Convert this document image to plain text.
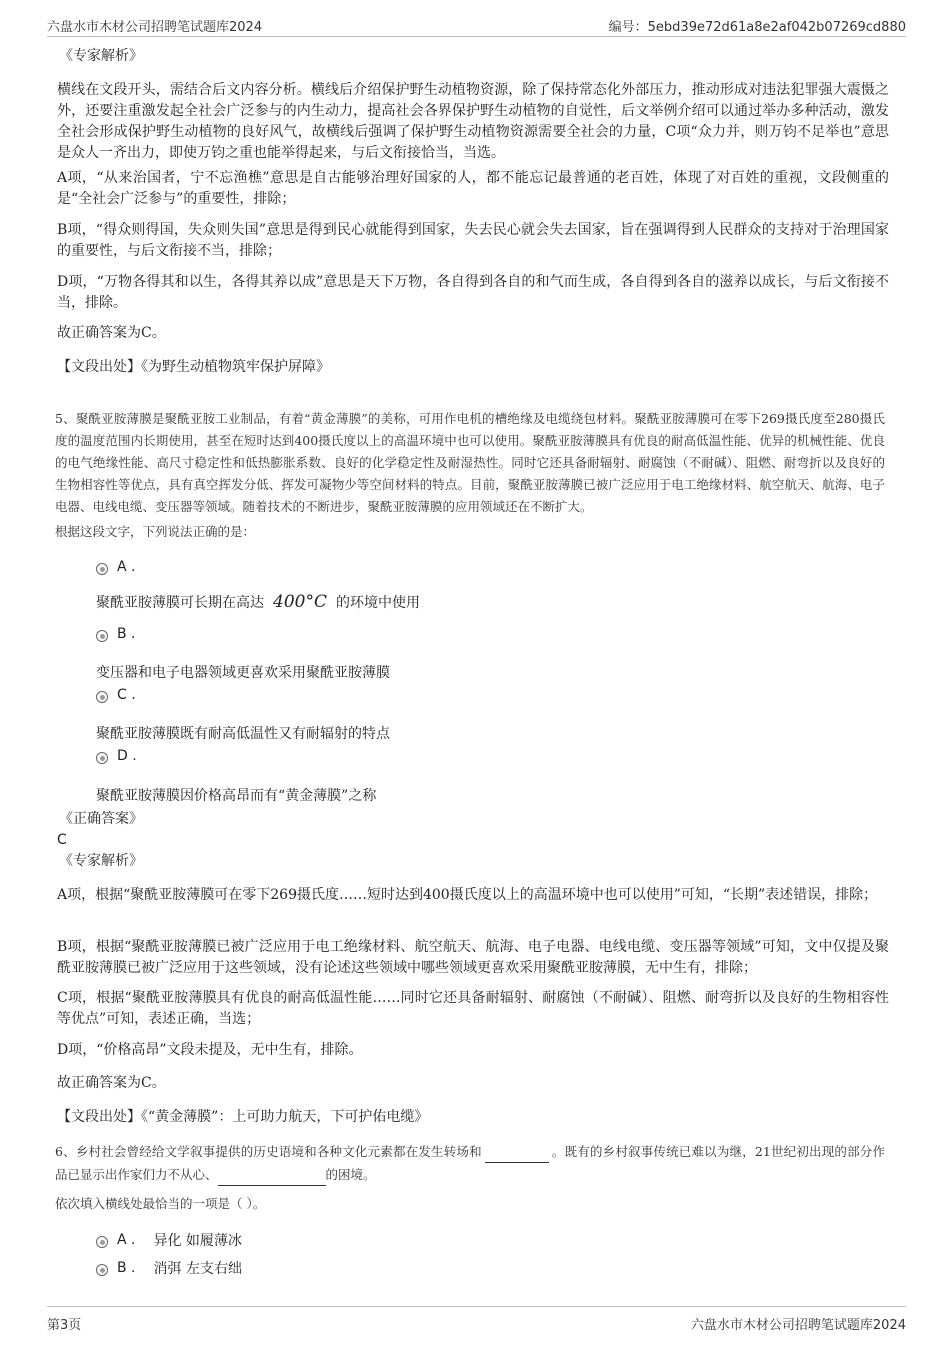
六盘水市木材公司招聘笔试题库2024	编号：5ebd39e72d61a8e2af042b07269cd880

《专家解析》

横线在文段开头，需结合后文内容分析。横线后介绍保护野生动植物资源，除了保持常态化外部压力，推动形成对违法犯罪强大震慑之外，还要注重激发起全社会广泛参与的内生动力，提高社会各界保护野生动植物的自觉性，后文举例介绍可以通过举办多种活动，激发全社会形成保护野生动植物的良好风气，故横线后强调了保护野生动植物资源需要全社会的力量，C项“众力并，则万钧不足举也”意思是众人一齐出力，即使万钧之重也能举得起来，与后文衔接恰当，当选。

A项，“从来治国者，宁不忘渔樵”意思是自古能够治理好国家的人，都不能忘记最普通的老百姓，体现了对百姓的重视，文段侧重的是“全社会广泛参与”的重要性，排除；

B项，“得众则得国，失众则失国”意思是得到民心就能得到国家，失去民心就会失去国家，旨在强调得到人民群众的支持对于治理国家的重要性，与后文衔接不当，排除；

D项，“万物各得其和以生，各得其养以成”意思是天下万物，各自得到各自的和气而生成，各自得到各自的滋养以成长，与后文衔接不当，排除。

故正确答案为C。

【文段出处】《为野生动植物筑牢保护屏障》

5、聚酰亚胺薄膜是聚酰亚胺工业制品，有着“黄金薄膜”的美称，可用作电机的槽绝缘及电缆绕包材料。聚酰亚胺薄膜可在零下269摄氏度至280摄氏度的温度范围内长期使用，甚至在短时达到400摄氏度以上的高温环境中也可以使用。聚酰亚胺薄膜具有优良的耐高低温性能、优异的机械性能、优良的电气绝缘性能、高尺寸稳定性和低热膨胀系数、良好的化学稳定性及耐湿热性。同时它还具备耐辐射、耐腐蚀（不耐碱）、阻燃、耐弯折以及良好的生物相容性等优点，具有真空挥发分低、挥发可凝物少等空间材料的特点。目前，聚酰亚胺薄膜已被广泛应用于电工绝缘材料、航空航天、航海、电子电器、电线电缆、变压器等领域。随着技术的不断进步，聚酰亚胺薄膜的应用领域还在不断扩大。

根据这段文字，下列说法正确的是：

A .
聚酰亚胺薄膜可长期在高达 400°C 的环境中使用
B .
变压器和电子电器领域更喜欢采用聚酰亚胺薄膜
C .
聚酰亚胺薄膜既有耐高低温性又有耐辐射的特点
D .
聚酰亚胺薄膜因价格高昂而有“黄金薄膜”之称

《正确答案》

C

《专家解析》

A项，根据“聚酰亚胺薄膜可在零下269摄氏度……短时达到400摄氏度以上的高温环境中也可以使用”可知，“长期”表述错误，排除；

B项，根据“聚酰亚胺薄膜已被广泛应用于电工绝缘材料、航空航天、航海、电子电器、电线电缆、变压器等领域”可知，文中仅提及聚酰亚胺薄膜已被广泛应用于这些领域，没有论述这些领域中哪些领域更喜欢采用聚酰亚胺薄膜，无中生有，排除；

C项，根据“聚酰亚胺薄膜具有优良的耐高低温性能……同时它还具备耐辐射、耐腐蚀（不耐碱）、阻燃、耐弯折以及良好的生物相容性等优点”可知，表述正确，当选；

D项，“价格高昂”文段未提及，无中生有，排除。

故正确答案为C。

【文段出处】《“黄金薄膜”：上可助力航天，下可护佑电缆》

6、乡村社会曾经给文学叙事提供的历史语境和各种文化元素都在发生转场和	。既有的乡村叙事传统已难以为继，21世纪初出现的部分作品已显示出作家们力不从心、	的困境。

依次填入横线处最恰当的一项是（ ）。

A . 异化 如履薄冰
B . 消弭 左支右绌
第3页	六盘水市木材公司招聘笔试题库2024
